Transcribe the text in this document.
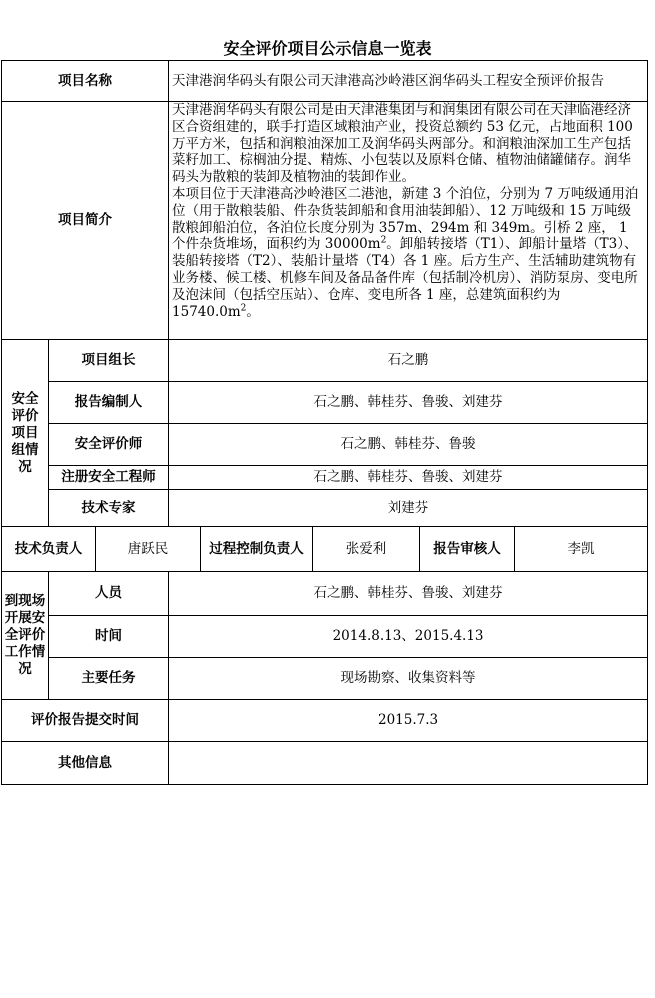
安全评价项目公示信息一览表
项目名称			天津港润华码头有限公司天津港高沙岭港区润华码头工程安全预评价报告				

项目简介			天津港润华码头有限公司是由天津港集团与和润集团有限公司在天津临港经济区合资组建的，联手打造区域粮油产业，投资总额约 53 亿元，占地面积 100 万平方米，包括和润粮油深加工及润华码头两部分。和润粮油深加工生产包括菜籽加工、棕榈油分提、精炼、小包装以及原料仓储、植物油储罐储存。润华码头为散粮的装卸及植物油的装卸作业。

本项目位于天津港高沙岭港区二港池，新建 3 个泊位，分别为 7 万吨级通用泊位（用于散粮装船、件杂货装卸船和食用油装卸船）、12 万吨级和 15 万吨级散粮卸船泊位，各泊位长度分别为 357m、294m 和 349m。引桥 2 座， 1 个件杂货堆场，面积约为 $30000m^2$。卸船转接塔（T1）、卸船计量塔（T3）、装船转接塔（T2）、装船计量塔（T4）各 1 座。后方生产、生活辅助建筑物有业务楼、候工楼、机修车间及备品备件库（包括制冷机房）、消防泵房、变电所及泡沫间（包括空压站）、仓库、变电所各 1 座，总建筑面积约为 $15740.0m^2$。				

安全
评价
项目
组情
况	项目组长		石之鹏				
	报告编制人		石之鹏、韩桂芬、鲁骏、刘建芬				
	安全评价师		石之鹏、韩桂芬、鲁骏				
	注册安全工程师		石之鹏、韩桂芬、鲁骏、刘建芬				
	技术专家		刘建芬				
技术负责人		唐跃民		过程控制负责人	张爱利	报告审核人	李凯

到现场
开展安
全评价
工作情
况	人员		石之鹏、韩桂芬、鲁骏、刘建芬				
	时间		2014.8.13、2015.4.13				
	主要任务		现场勘察、收集资料等				
评价报告提交时间			2015.7.3				
其他信息							
